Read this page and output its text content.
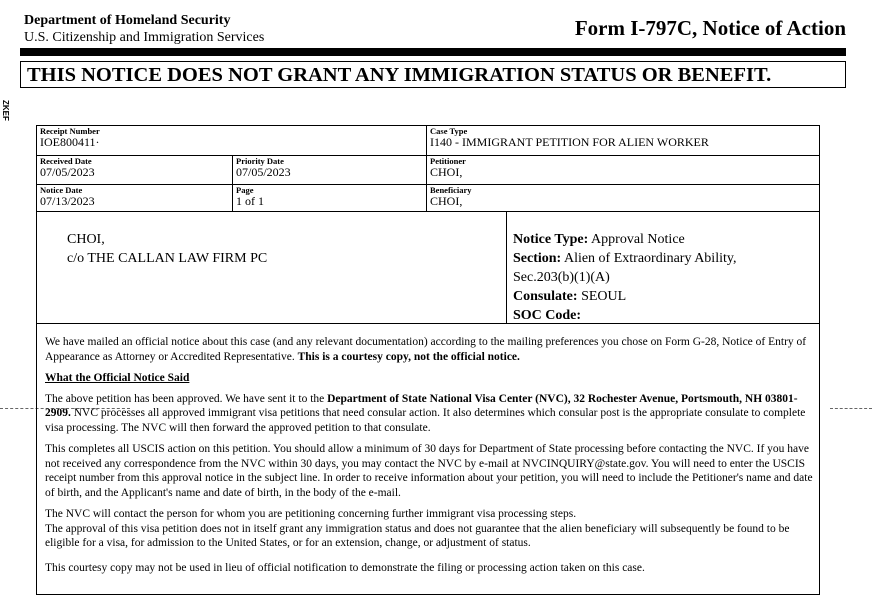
Department of Homeland Security
U.S. Citizenship and Immigration Services	Form I-797C, Notice of Action
THIS NOTICE DOES NOT GRANT ANY IMMIGRATION STATUS OR BENEFIT.
ZKEF
Receipt Number
IOE800411·
Case Type
I140 - IMMIGRANT PETITION FOR ALIEN WORKER
Received Date
07/05/2023
Priority Date
07/05/2023
Petitioner
CHOI,
Notice Date
07/13/2023
Page
1 of 1
Beneficiary
CHOI,
CHOI,
c/o THE CALLAN LAW FIRM PC
Notice Type: Approval Notice
Section: Alien of Extraordinary Ability,
Sec.203(b)(1)(A)
Consulate: SEOUL
SOC Code:

We have mailed an official notice about this case (and any relevant documentation) according to the mailing preferences you chose on Form G-28, Notice of Entry of Appearance as Attorney or Accredited Representative. This is a courtesy copy, not the official notice.

What the Official Notice Said

The above petition has been approved. We have sent it to the Department of State National Visa Center (NVC), 32 Rochester Avenue, Portsmouth, NH 03801-2909. NVC processes all approved immigrant visa petitions that need consular action. It also determines which consular post is the appropriate consulate to complete visa processing. The NVC will then forward the approved petition to that consulate.

This completes all USCIS action on this petition. You should allow a minimum of 30 days for Department of State processing before contacting the NVC. If you have not received any correspondence from the NVC within 30 days, you may contact the NVC by e-mail at NVCINQUIRY@state.gov. You will need to enter the USCIS receipt number from this approval notice in the subject line. In order to receive information about your petition, you will need to include the Petitioner's name and date of birth, and the Applicant's name and date of birth, in the body of the e-mail.

The NVC will contact the person for whom you are petitioning concerning further immigrant visa processing steps.

The approval of this visa petition does not in itself grant any immigration status and does not guarantee that the alien beneficiary will subsequently be found to be eligible for a visa, for admission to the United States, or for an extension, change, or adjustment of status.

This courtesy copy may not be used in lieu of official notification to demonstrate the filing or processing action taken on this case.
